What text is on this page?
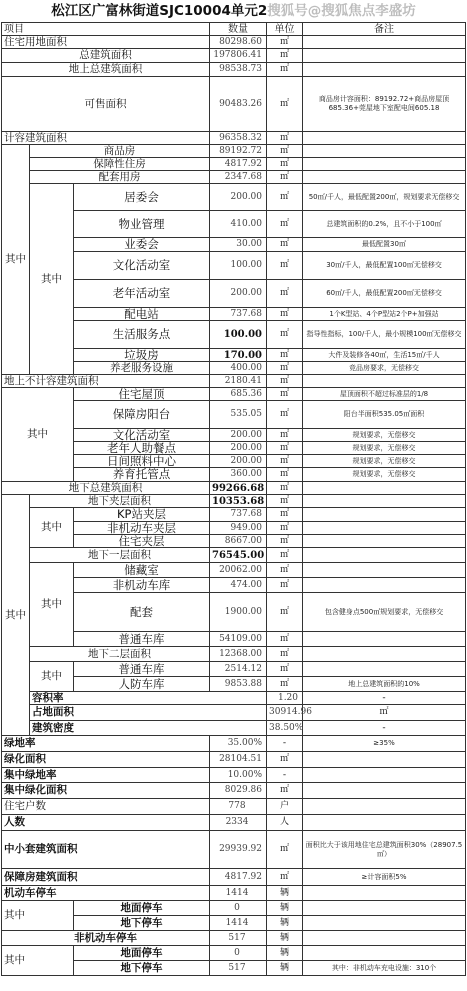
松江区广富林街道SJC10004单元2搜狐号@搜狐焦点李盛坊
项目			数量	单位	备注	
住宅用地面积			80298.60	㎡		
总建筑面积			197806.41	㎡		
地上总建筑面积			98538.73	㎡		
可售面积			90483.26	㎡	商品房计容面积：89192.72+商品房屋顶685.36+莞屋地下室配电间605.18	
计容建筑面积			96358.32	㎡		
其中	商品房		89192.72	㎡		
	保障性住房		4817.92	㎡		
	配套用房		2347.68	㎡		
	其中	居委会	200.00	㎡	50㎡/千人，最低配置200㎡，规划要求无偿移交	
		物业管理	410.00	㎡	总建筑面积的0.2%，且不小于100㎡	
		业委会	30.00	㎡	最低配置30㎡	
		文化活动室	100.00	㎡	30㎡/千人，最低配置100㎡无偿移交	
		老年活动室	200.00	㎡	60㎡/千人，最低配置200㎡无偿移交	
		配电站	737.68	㎡	1个K型站、4个P型站2个P+加强站	
		生活服务点	100.00	㎡	指导性指标，100/千人，最小规模100㎡无偿移交	
		垃圾房	170.00	㎡	大件及装修各40㎡，生活15㎡/千人	
		养老服务设施	400.00	㎡	竞品房要求，无偿移交	
地上不计容建筑面积			2180.41	㎡		
其中		住宅屋顶	685.36	㎡	屋顶面积不超过标准层的1/8	
		保障房阳台	535.05	㎡	阳台半面积535.05㎡面积	
		文化活动室	200.00	㎡	规划要求，无偿移交	
		老年人助餐点	200.00	㎡	规划要求，无偿移交	
		日间照料中心	200.00	㎡	规划要求，无偿移交	
		养育托管点	360.00	㎡	规划要求，无偿移交	
地下总建筑面积			99266.68	㎡		
其中	地下夹层面积		10353.68	㎡		
	其中	KP站夹层	737.68	㎡		
		非机动车夹层	949.00	㎡		
		住宅夹层	8667.00	㎡		
	地下一层面积		76545.00	㎡		
	其中	储藏室	20062.00	㎡		
		非机动车库	474.00	㎡		
		配套	1900.00	㎡	包含健身点500㎡规划要求，无偿移交	
		普通车库	54109.00	㎡		
	地下二层面积		12368.00	㎡		
	其中	普通车库	2514.12	㎡		
		人防车库	9853.88	㎡	地上总建筑面积的10%	
	容积率			1.20	-	
	占地面积			30914.96	㎡	
	建筑密度			38.50%	-	
绿地率			35.00%	-	≥35%	
绿化面积			28104.51	㎡		
集中绿地率			10.00%	-		
集中绿化面积			8029.86	㎡		
住宅户数			778	户		
人数			2334	人		
中小套建筑面积			29939.92	㎡	面积比大于该用地住宅总建筑面积30%（28907.5㎡）	
保障房建筑面积			4817.92	㎡	≥计容面积5%	
机动车停车			1414	辆		
其中		地面停车	0	辆		
		地下停车	1414	辆		
非机动车停车			517	辆		
其中		地面停车	0	辆		
		地下停车	517	辆	其中：非机动车充电设施：310个	
